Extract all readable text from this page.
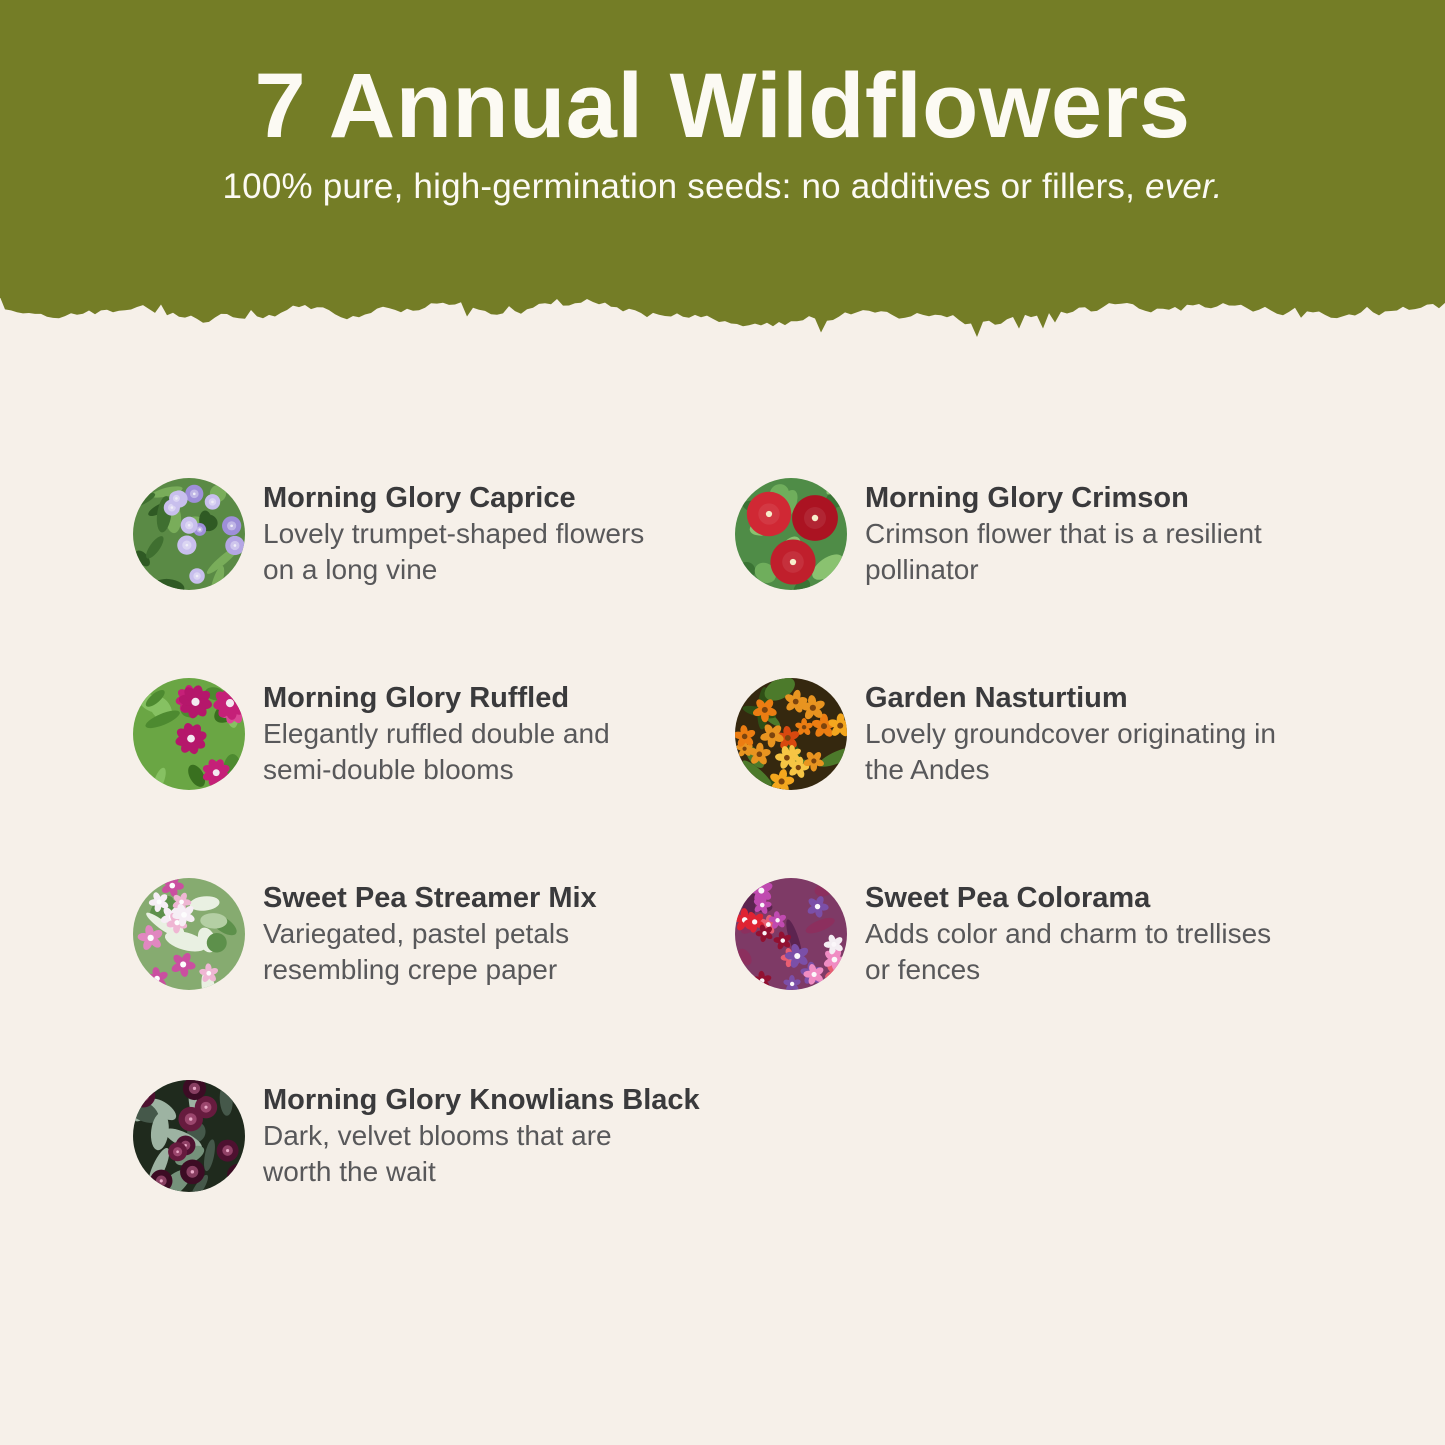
7 Annual Wildflowers
100% pure, high-germination seeds: no additives or fillers, ever.
Morning Glory Caprice
Lovely trumpet-shaped flowers
on a long vine
Morning Glory Crimson
Crimson flower that is a resilient
pollinator
Morning Glory Ruffled
Elegantly ruffled double and
semi-double blooms
Garden Nasturtium
Lovely groundcover originating in
the Andes
Sweet Pea Streamer Mix
Variegated, pastel petals
resembling crepe paper
Sweet Pea Colorama
Adds color and charm to trellises
or fences
Morning Glory Knowlians Black
Dark, velvet blooms that are
worth the wait
